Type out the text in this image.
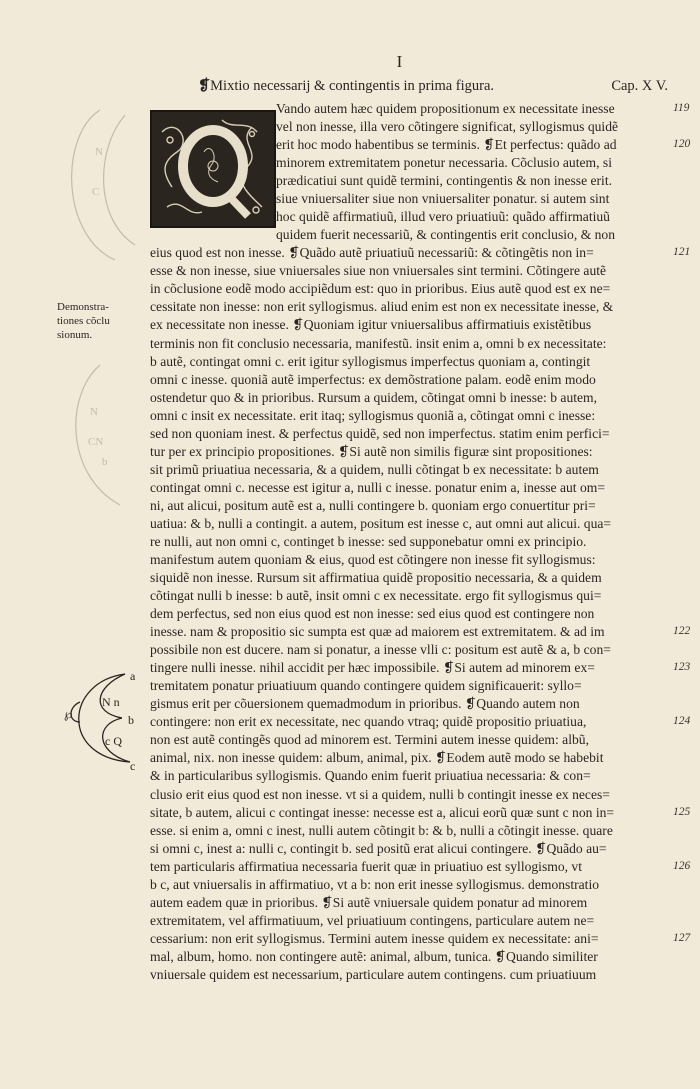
I
❡Mixtio necessarij & contingentis in prima figura.	Cap. X V.
Vando autem hæc quidem propositionum ex necessitate inesse
vel non inesse, illa vero cõtingere significat, syllogismus quidẽ
erit hoc modo habentibus se terminis. ❡Et perfectus: quãdo ad
minorem extremitatem ponetur necessaria. Cõclusio autem, si
prædicatiui sunt quidẽ termini, contingentis & non inesse erit.
siue vniuersaliter siue non vniuersaliter ponatur. si autem sint
hoc quidẽ affirmatiuũ, illud vero priuatiuũ: quãdo affirmatiuũ
quidem fuerit necessariũ, & contingentis erit conclusio, & non
eius quod est non inesse. ❡Quãdo autẽ priuatiuũ necessariũ: & cõtingẽtis non in=
esse & non inesse, siue vniuersales siue non vniuersales sint termini. Cõtingere autẽ
in cõclusione eodẽ modo accipiẽdum est: quo in prioribus. Eius autẽ quod est ex ne=
cessitate non inesse: non erit syllogismus. aliud enim est non ex necessitate inesse, &
ex necessitate non inesse. ❡Quoniam igitur vniuersalibus affirmatiuis existẽtibus
terminis non fit conclusio necessaria, manifestũ. insit enim a, omni b ex necessitate:
b autẽ, contingat omni c. erit igitur syllogismus imperfectus quoniam a, contingit
omni c inesse. quoniã autẽ imperfectus: ex demõstratione palam. eodẽ enim modo
ostendetur quo & in prioribus. Rursum a quidem, cõtingat omni b inesse: b autem,
omni c insit ex necessitate. erit itaq; syllogismus quoniã a, cõtingat omni c inesse:
sed non quoniam inest. & perfectus quidẽ, sed non imperfectus. statim enim perfici=
tur per ex principio propositiones. ❡Si autẽ non similis figuræ sint propositiones:
sit primũ priuatiua necessaria, & a quidem, nulli cõtingat b ex necessitate: b autem
contingat omni c. necesse est igitur a, nulli c inesse. ponatur enim a, inesse aut om=
ni, aut alicui, positum autẽ est a, nulli contingere b. quoniam ergo conuertitur pri=
uatiua: & b, nulli a contingit. a autem, positum est inesse c, aut omni aut alicui. qua=
re nulli, aut non omni c, continget b inesse: sed supponebatur omni ex principio.
manifestum autem quoniam & eius, quod est cõtingere non inesse fit syllogismus:
siquidẽ non inesse. Rursum sit affirmatiua quidẽ propositio necessaria, & a quidem
cõtingat nulli b inesse: b autẽ, insit omni c ex necessitate. ergo fit syllogismus qui=
dem perfectus, sed non eius quod est non inesse: sed eius quod est contingere non
inesse. nam & propositio sic sumpta est quæ ad maiorem est extremitatem. & ad im
possibile non est ducere. nam si ponatur, a inesse vlli c: positum est autẽ & a, b con=
tingere nulli inesse. nihil accidit per hæc impossibile. ❡Si autem ad minorem ex=
tremitatem ponatur priuatiuum quando contingere quidem significauerit: syllo=
gismus erit per cõuersionem quemadmodum in prioribus. ❡Quando autem non
contingere: non erit ex necessitate, nec quando vtraq; quidẽ propositio priuatiua,
non est autẽ contingẽs quod ad minorem est. Termini autem inesse quidem: albũ,
animal, nix. non inesse quidem: album, animal, pix. ❡Eodem autẽ modo se habebit
& in particularibus syllogismis. Quando enim fuerit priuatiua necessaria: & con=
clusio erit eius quod est non inesse. vt si a quidem, nulli b contingit inesse ex neces=
sitate, b autem, alicui c contingat inesse: necesse est a, alicui eorũ quæ sunt c non in=
esse. si enim a, omni c inest, nulli autem cõtingit b: & b, nulli a cõtingit inesse. quare
si omni c, inest a: nulli c, contingit b. sed positũ erat alicui contingere. ❡Quãdo au=
tem particularis affirmatiua necessaria fuerit quæ in priuatiuo est syllogismo, vt
b c, aut vniuersalis in affirmatiuo, vt a b: non erit inesse syllogismus. demonstratio
autem eadem quæ in prioribus. ❡Si autẽ vniuersale quidem ponatur ad minorem
extremitatem, vel affirmatiuum, vel priuatiuum contingens, particulare autem ne=
cessarium: non erit syllogismus. Termini autem inesse quidem ex necessitate: ani=
mal, album, homo. non contingere autẽ: animal, album, tunica. ❡Quando similiter
vniuersale quidem est necessarium, particulare autem contingens. cum priuatiuum
119
120
121
122
123
124
125
126
127
Demonstra-
tiones cõclu
sionum.
N
C
N
CN
b
a
N n
b
c Q
c
℘
